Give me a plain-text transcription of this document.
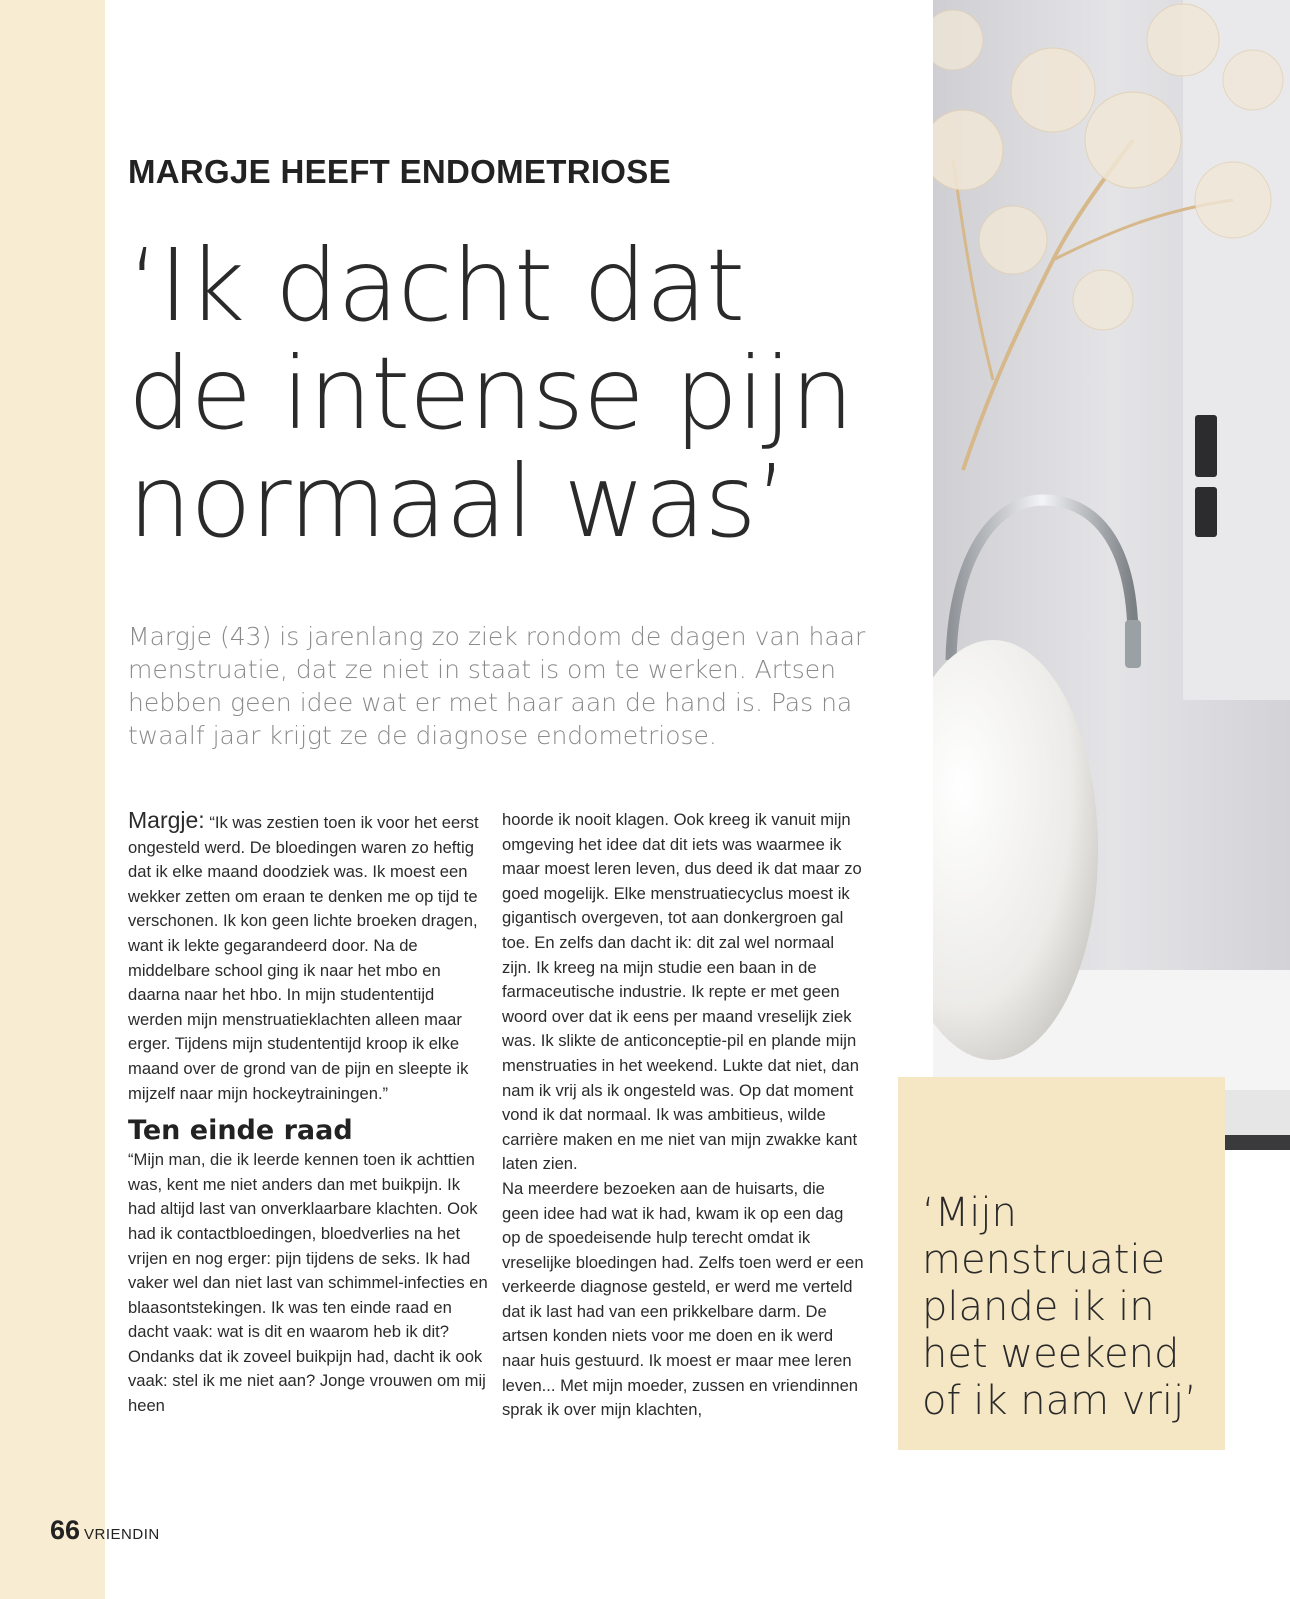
MARGJE HEEFT ENDOMETRIOSE
‘Ik dacht dat
de intense pijn
normaal was’

Margje (43) is jarenlang zo ziek rondom de dagen van haar menstruatie, dat ze niet in staat is om te werken. Artsen hebben geen idee wat er met haar aan de hand is. Pas na twaalf jaar krijgt ze de diagnose endometriose.

Margje: “Ik was zestien toen ik voor het eerst ongesteld werd. De bloedingen waren zo heftig dat ik elke maand doodziek was. Ik moest een wekker zetten om eraan te denken me op tijd te verschonen. Ik kon geen lichte broeken dragen, want ik lekte gegarandeerd door. Na de middelbare school ging ik naar het mbo en daarna naar het hbo. In mijn studententijd werden mijn menstruatieklachten alleen maar erger. Tijdens mijn studententijd kroop ik elke maand over de grond van de pijn en sleepte ik mijzelf naar mijn hockeytrainingen.”

Ten einde raad

“Mijn man, die ik leerde kennen toen ik achttien was, kent me niet anders dan met buikpijn. Ik had altijd last van onverklaarbare klachten. Ook had ik contactbloedingen, bloedverlies na het vrijen en nog erger: pijn tijdens de seks. Ik had vaker wel dan niet last van schimmel-infecties en blaasontstekingen. Ik was ten einde raad en dacht vaak: wat is dit en waarom heb ik dit? Ondanks dat ik zoveel buikpijn had, dacht ik ook vaak: stel ik me niet aan? Jonge vrouwen om mij heen

hoorde ik nooit klagen. Ook kreeg ik vanuit mijn omgeving het idee dat dit iets was waarmee ik maar moest leren leven, dus deed ik dat maar zo goed mogelijk. Elke menstruatiecyclus moest ik gigantisch overgeven, tot aan donkergroen gal toe. En zelfs dan dacht ik: dit zal wel normaal zijn. Ik kreeg na mijn studie een baan in de farmaceutische industrie. Ik repte er met geen woord over dat ik eens per maand vreselijk ziek was. Ik slikte de anticonceptie-pil en plande mijn menstruaties in het weekend. Lukte dat niet, dan nam ik vrij als ik ongesteld was. Op dat moment vond ik dat normaal. Ik was ambitieus, wilde carrière maken en me niet van mijn zwakke kant laten zien.

Na meerdere bezoeken aan de huisarts, die geen idee had wat ik had, kwam ik op een dag op de spoedeisende hulp terecht omdat ik vreselijke bloedingen had. Zelfs toen werd er een verkeerde diagnose gesteld, er werd me verteld dat ik last had van een prikkelbare darm. De artsen konden niets voor me doen en ik werd naar huis gestuurd. Ik moest er maar mee leren leven... Met mijn moeder, zussen en vriendinnen sprak ik over mijn klachten,

‘Mijn
menstruatie
plande ik in
het weekend
of ik nam vrij’
66 VRIENDIN
